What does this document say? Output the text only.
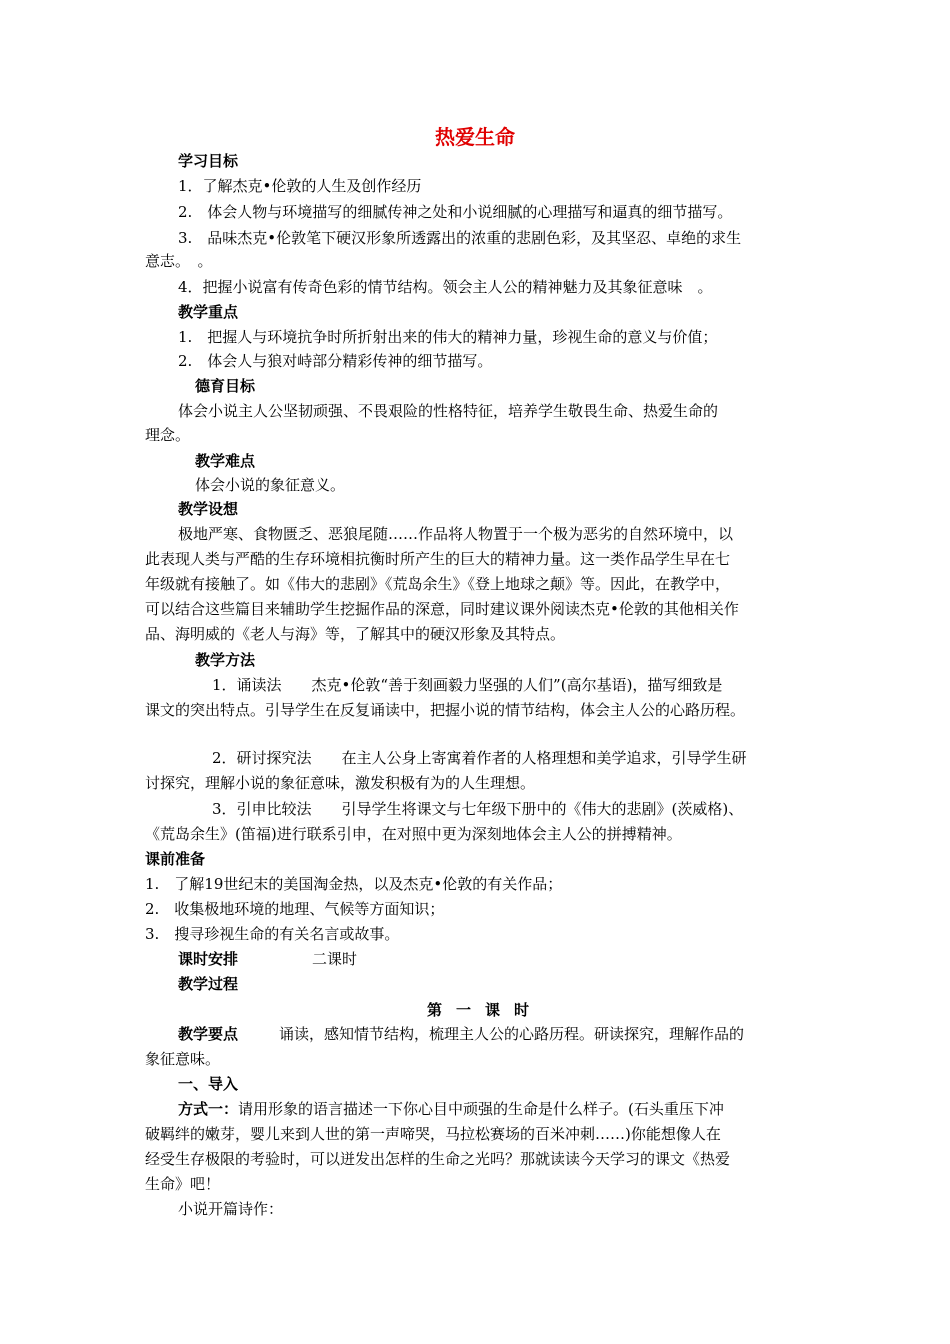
热爱生命
学习目标
1．了解杰克•伦敦的人生及创作经历
2.　体会人物与环境描写的细腻传神之处和小说细腻的心理描写和逼真的细节描写。
3.　品味杰克•伦敦笔下硬汉形象所透露出的浓重的悲剧色彩，及其坚忍、卓绝的求生
意志。　。
4．把握小说富有传奇色彩的情节结构。领会主人公的精神魅力及其象征意味　。
教学重点
1.　把握人与环境抗争时所折射出来的伟大的精神力量，珍视生命的意义与价值；
2.　体会人与狼对峙部分精彩传神的细节描写。
德育目标
体会小说主人公坚韧顽强、不畏艰险的性格特征，培养学生敬畏生命、热爱生命的
理念。
教学难点
体会小说的象征意义。
教学设想
极地严寒、食物匮乏、恶狼尾随……作品将人物置于一个极为恶劣的自然环境中，以
此表现人类与严酷的生存环境相抗衡时所产生的巨大的精神力量。这一类作品学生早在七
年级就有接触了。如《伟大的悲剧》《荒岛余生》《登上地球之颠》等。因此，在教学中，
可以结合这些篇目来辅助学生挖掘作品的深意，同时建议课外阅读杰克•伦敦的其他相关作
品、海明威的《老人与海》等，了解其中的硬汉形象及其特点。
教学方法
1．诵读法　　杰克•伦敦“善于刻画毅力坚强的人们”(高尔基语)，描写细致是
课文的突出特点。引导学生在反复诵读中，把握小说的情节结构，体会主人公的心路历程。
2．研讨探究法　　在主人公身上寄寓着作者的人格理想和美学追求，引导学生研
讨探究，理解小说的象征意味，激发积极有为的人生理想。
3．引申比较法　　引导学生将课文与七年级下册中的《伟大的悲剧》(茨威格)、
《荒岛余生》(笛福)进行联系引申，在对照中更为深刻地体会主人公的拼搏精神。
课前准备
1.　了解19世纪末的美国淘金热，以及杰克•伦敦的有关作品；
2.　收集极地环境的地理、气候等方面知识；
3.　搜寻珍视生命的有关名言或故事。
课时安排	二课时
教学过程
第一课时
教学要点	诵读，感知情节结构，梳理主人公的心路历程。研读探究，理解作品的
象征意味。
一、导入
方式一： 请用形象的语言描述一下你心目中顽强的生命是什么样子。(石头重压下冲
破羁绊的嫩芽，婴儿来到人世的第一声啼哭，马拉松赛场的百米冲刺……)你能想像人在
经受生存极限的考验时，可以迸发出怎样的生命之光吗？那就读读今天学习的课文《热爱
生命》吧！
小说开篇诗作：
